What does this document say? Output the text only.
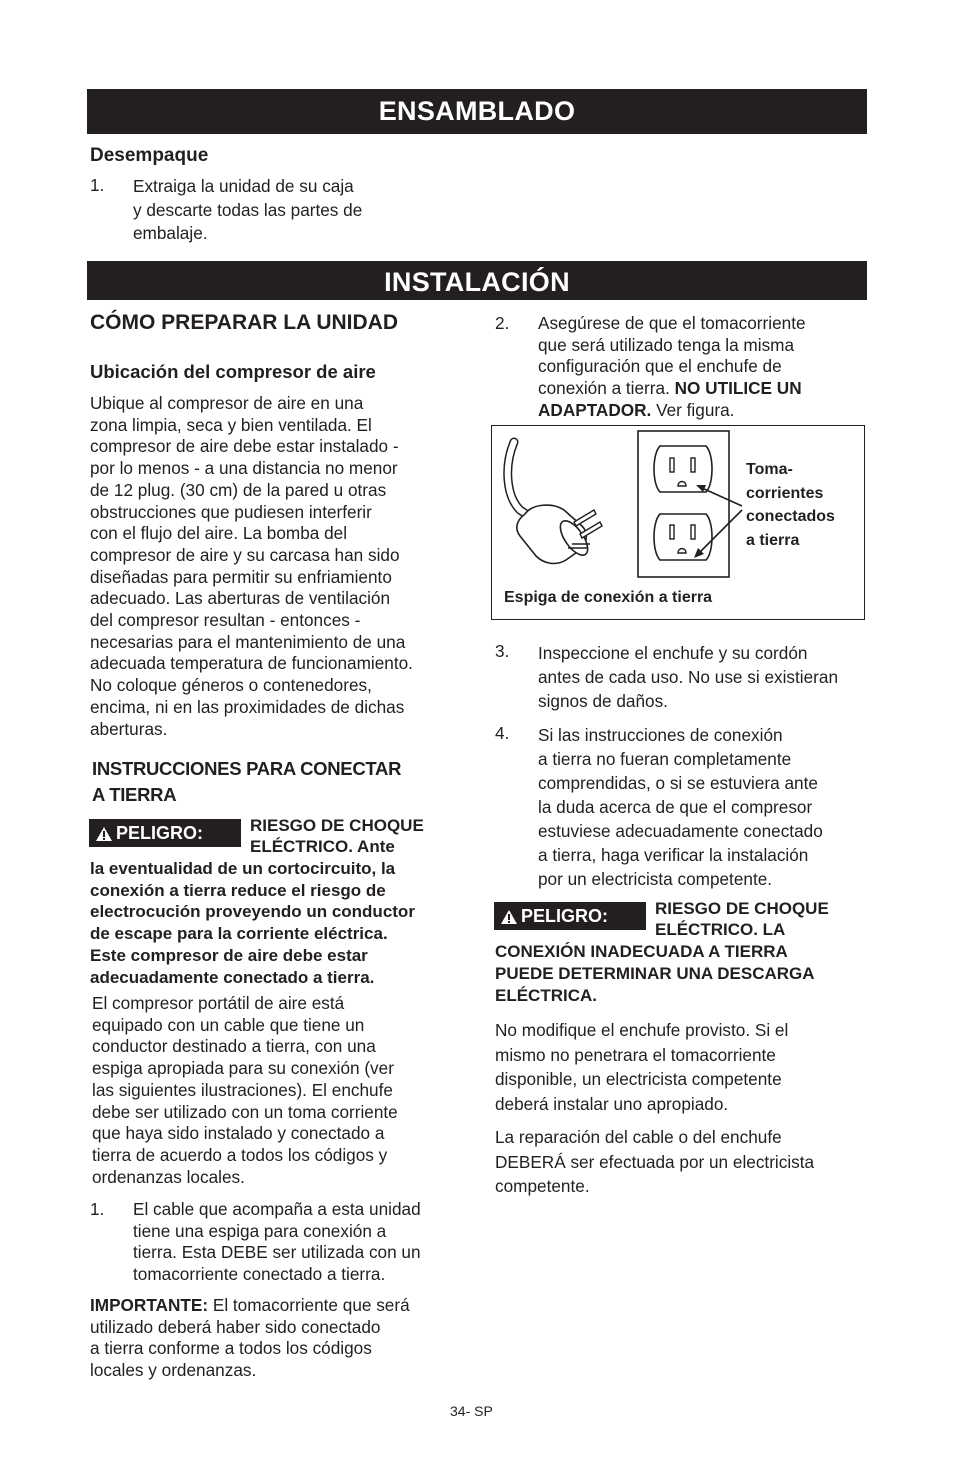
ENSAMBLADO
Desempaque
1. Extraiga la unidad de su caja
y descarte todas las partes de
embalaje.
INSTALACIÓN
CÓMO PREPARAR LA UNIDAD
Ubicación del compresor de aire
Ubique al compresor de aire en una
zona limpia, seca y bien ventilada. El
compresor de aire debe estar instalado -
por lo menos - a una distancia no menor
de 12 plug. (30 cm) de la pared u otras
obstrucciones que pudiesen interferir
con el flujo del aire. La bomba del
compresor de aire y su carcasa han sido
diseñadas para permitir su enfriamiento
adecuado. Las aberturas de ventilación
del compresor resultan - entonces -
necesarias para el mantenimiento de una
adecuada temperatura de funcionamiento.
No coloque géneros o contenedores,
encima, ni en las proximidades de dichas
aberturas.
INSTRUCCIONES PARA CONECTAR
A TIERRA
PELIGRO:	RIESGO DE CHOQUE
ELÉCTRICO. Ante
la eventualidad de un cortocircuito, la
conexión a tierra reduce el riesgo de
electrocución proveyendo un conductor
de escape para la corriente eléctrica.
Este compresor de aire debe estar
adecuadamente conectado a tierra.
El compresor portátil de aire está
equipado con un cable que tiene un
conductor destinado a tierra, con una
espiga apropiada para su conexión (ver
las siguientes ilustraciones). El enchufe
debe ser utilizado con un toma corriente
que haya sido instalado y conectado a
tierra de acuerdo a todos los códigos y
ordenanzas locales.
1. El cable que acompaña a esta unidad
tiene una espiga para conexión a
tierra. Esta DEBE ser utilizada con un
tomacorriente conectado a tierra.
IMPORTANTE: El tomacorriente que será
utilizado deberá haber sido conectado
a tierra conforme a todos los códigos
locales y ordenanzas.
2. Asegúrese de que el tomacorriente
que será utilizado tenga la misma
configuración que el enchufe de
conexión a tierra. NO UTILICE UN
ADAPTADOR. Ver figura.
Toma-
corrientes
conectados
a tierra
Espiga de conexión a tierra
3. Inspeccione el enchufe y su cordón
antes de cada uso. No use si existieran
signos de daños.
4. Si las instrucciones de conexión
a tierra no fueran completamente
comprendidas, o si se estuviera ante
la duda acerca de que el compresor
estuviese adecuadamente conectado
a tierra, haga verificar la instalación
por un electricista competente.
PELIGRO:	RIESGO DE CHOQUE
ELÉCTRICO. LA
CONEXIÓN INADECUADA A TIERRA
PUEDE DETERMINAR UNA DESCARGA
ELÉCTRICA.
No modifique el enchufe provisto. Si el
mismo no penetrara el tomacorriente
disponible, un electricista competente
deberá instalar uno apropiado.
La reparación del cable o del enchufe
DEBERÁ ser efectuada por un electricista
competente.
34- SP
